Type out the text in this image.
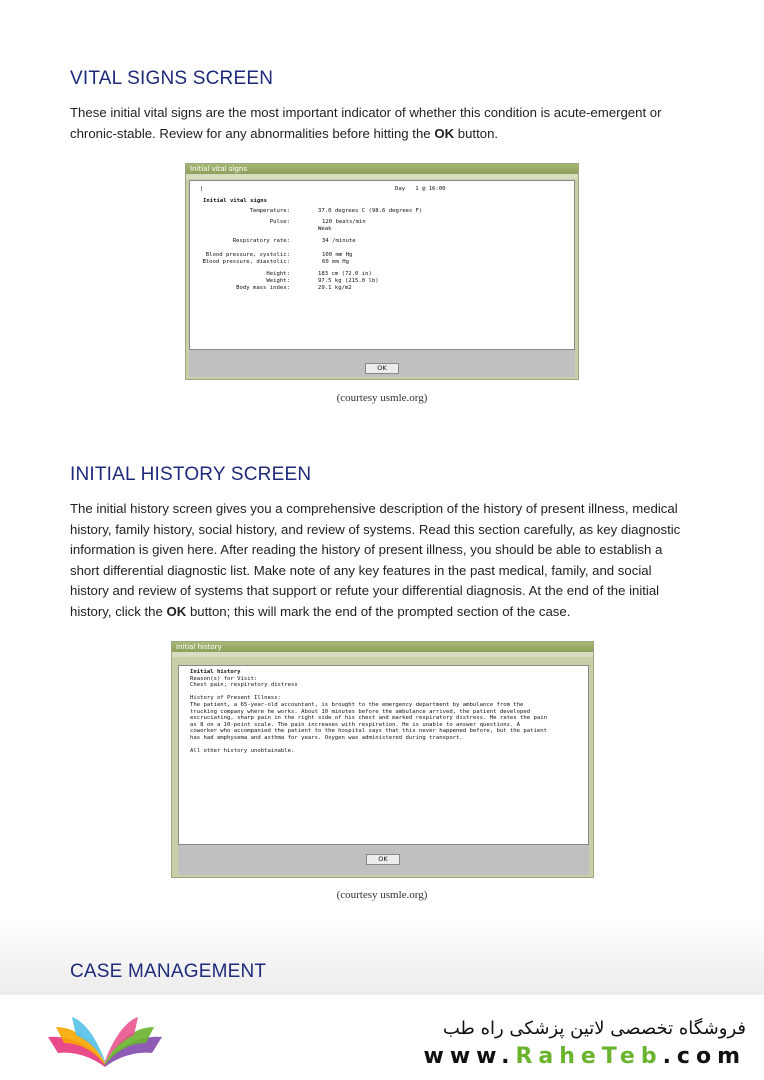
VITAL SIGNS SCREEN

These initial vital signs are the most important indicator of whether this condition is acute-emergent or chronic-stable. Review for any abnormalities before hitting the OK button.

Initial vital signs
|	Day   1 @ 16:00
Initial vital signs
Temperature:	37.0 degrees C (98.6 degrees F)
Pulse:	120 beats/min
Weak
Respiratory rate:	34 /minute
Blood pressure, systolic:	100 mm Hg
Blood pressure, diastolic:	60 mm Hg
Height:	183 cm (72.0 in)
Weight:	97.5 kg (215.0 lb)
Body mass index:	29.1 kg/m2
OK
(courtesy usmle.org)
INITIAL HISTORY SCREEN

The initial history screen gives you a comprehensive description of the history of present illness, medical history, family history, social history, and review of systems. Read this section carefully, as key diagnostic information is given here. After reading the history of present illness, you should be able to establish a short differential diagnostic list. Make note of any key features in the past medical, family, and social history and review of systems that support or refute your differential diagnosis. At the end of the initial history, click the OK button; this will mark the end of the prompted section of the case.

Initial history
Initial history
Reason(s) for Visit:
Chest pain; respiratory distress
History of Present Illness:
The patient, a 65-year-old accountant, is brought to the emergency department by ambulance from the
trucking company where he works. About 10 minutes before the ambulance arrived, the patient developed
excruciating, sharp pain in the right side of his chest and marked respiratory distress. He rates the pain
as 8 on a 10-point scale. The pain increases with respiration. He is unable to answer questions. A
coworker who accompanied the patient to the hospital says that this never happened before, but the patient
has had emphysema and asthma for years. Oxygen was administered during transport.
All other history unobtainable.
OK
(courtesy usmle.org)
CASE MANAGEMENT
فروشگاه تخصصی لاتین پزشکی راه طب
www.RaheTeb.com
